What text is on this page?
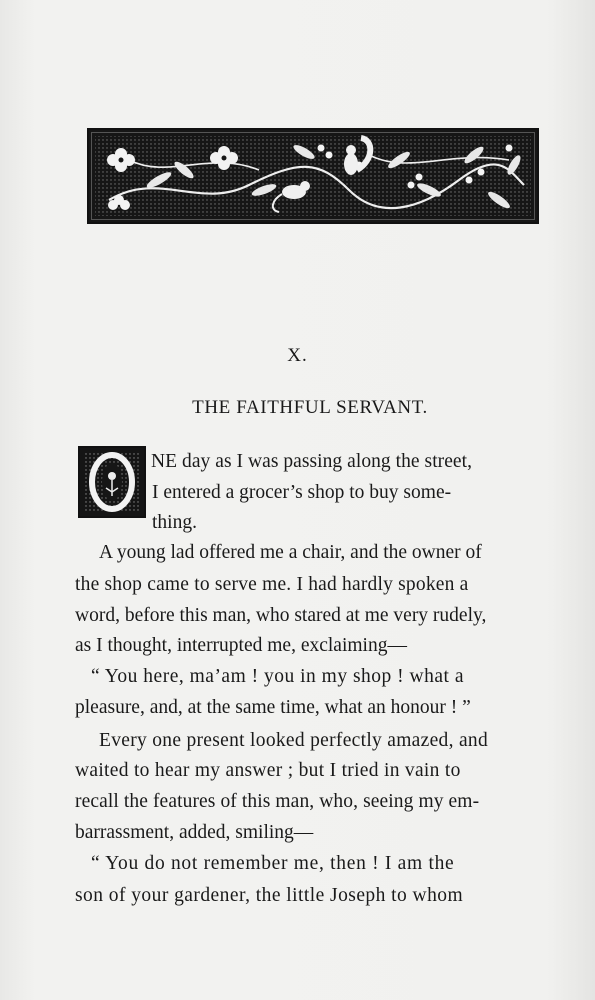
X.
THE FAITHFUL SERVANT.
NE day as I was passing along the street,
I entered a grocer’s shop to buy some-
thing.
A young lad offered me a chair, and the owner of
the shop came to serve me. I had hardly spoken a
word, before this man, who stared at me very rudely,
as I thought, interrupted me, exclaiming—
“ You here, ma’am ! you in my shop ! what a
pleasure, and, at the same time, what an honour ! ”
Every one present looked perfectly amazed, and
waited to hear my answer ; but I tried in vain to
recall the features of this man, who, seeing my em-
barrassment, added, smiling—
“ You do not remember me, then ! I am the
son of your gardener, the little Joseph to whom
